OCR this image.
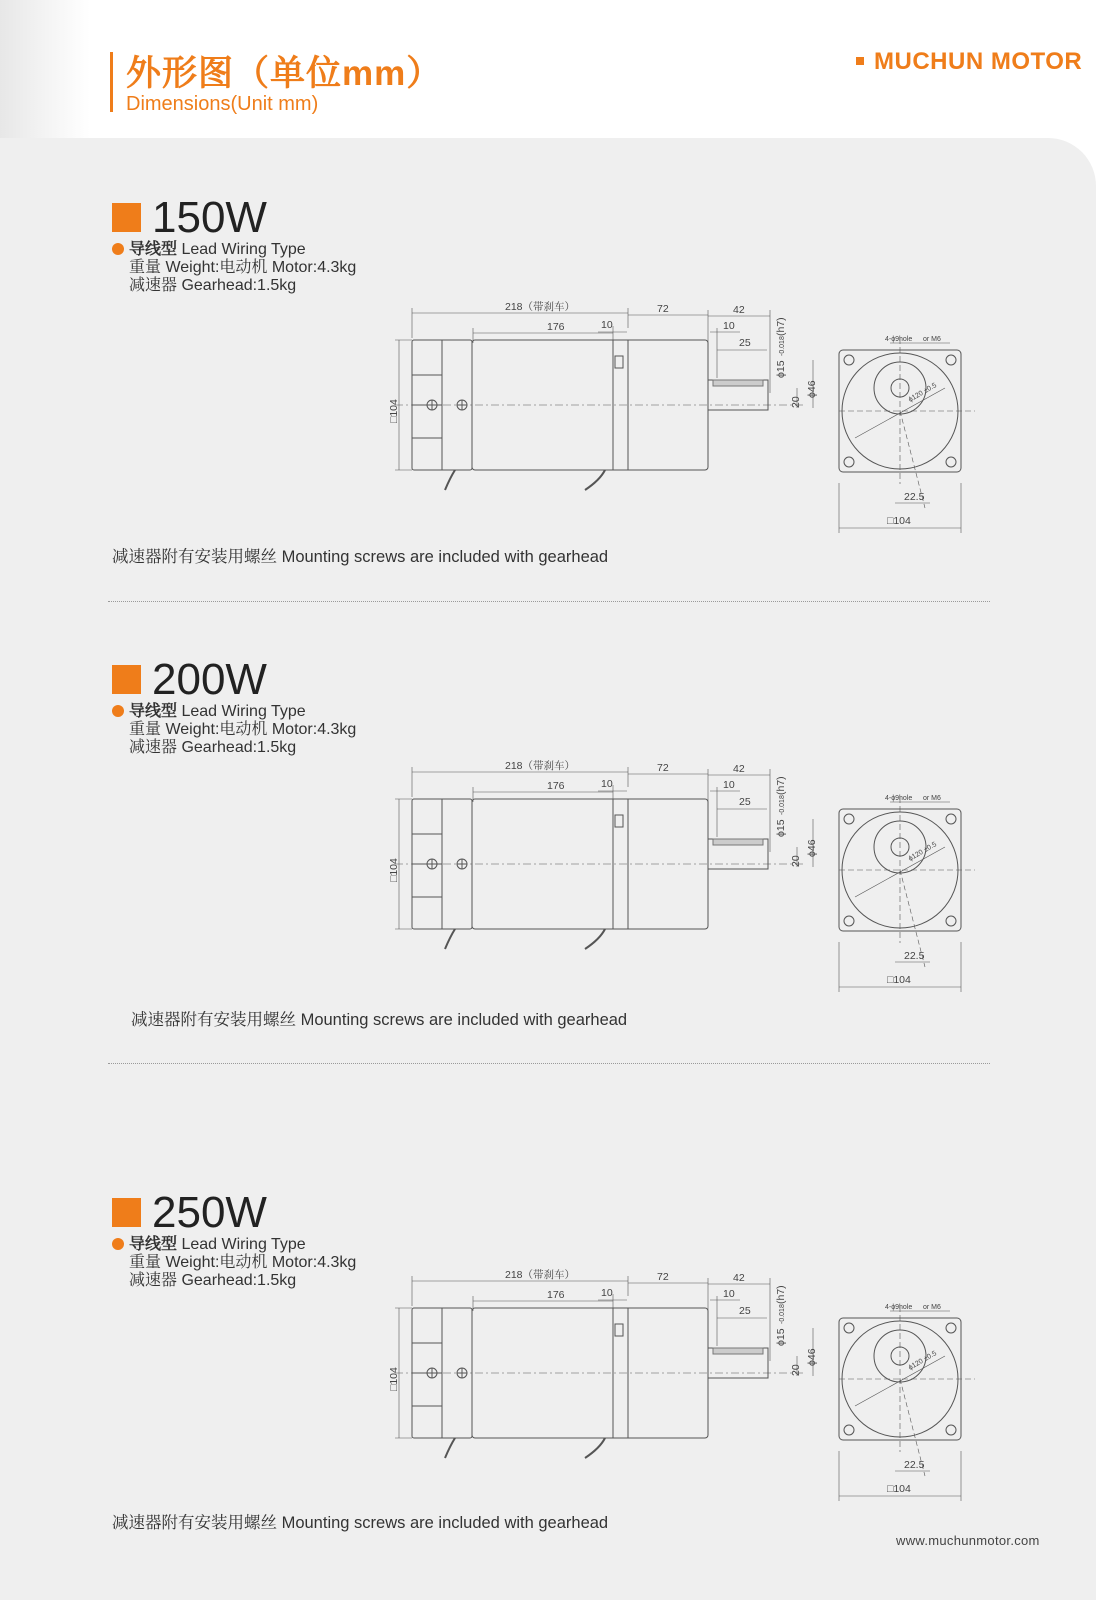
外形图（单位mm）
Dimensions(Unit mm)
MUCHUN MOTOR
150W
导线型 Lead Wiring Type
重量 Weight:电动机 Motor:4.3kg
减速器 Gearhead:1.5kg
218（带刹车）
176	10
72	42
10
25
ϕ15
-0.018
(h7)
20
ϕ46
□104
4-ϕ9hole or M6
ϕ120 ±0.5
22.5
□104
减速器附有安装用螺丝 Mounting screws are included with gearhead
200W
导线型 Lead Wiring Type
重量 Weight:电动机 Motor:4.3kg
减速器 Gearhead:1.5kg
218（带刹车）
176	10
72	42
10
25
ϕ15
-0.018
(h7)
20
ϕ46
□104
4-ϕ9hole or M6
ϕ120 ±0.5
22.5
□104
减速器附有安装用螺丝 Mounting screws are included with gearhead
250W
导线型 Lead Wiring Type
重量 Weight:电动机 Motor:4.3kg
减速器 Gearhead:1.5kg	218（带刹车）
176	10
72	42
10
25
ϕ15
-0.018
(h7)
20
ϕ46
□104
4-ϕ9hole or M6
ϕ120 ±0.5
22.5
□104
减速器附有安装用螺丝 Mounting screws are included with gearhead
www.muchunmotor.com
